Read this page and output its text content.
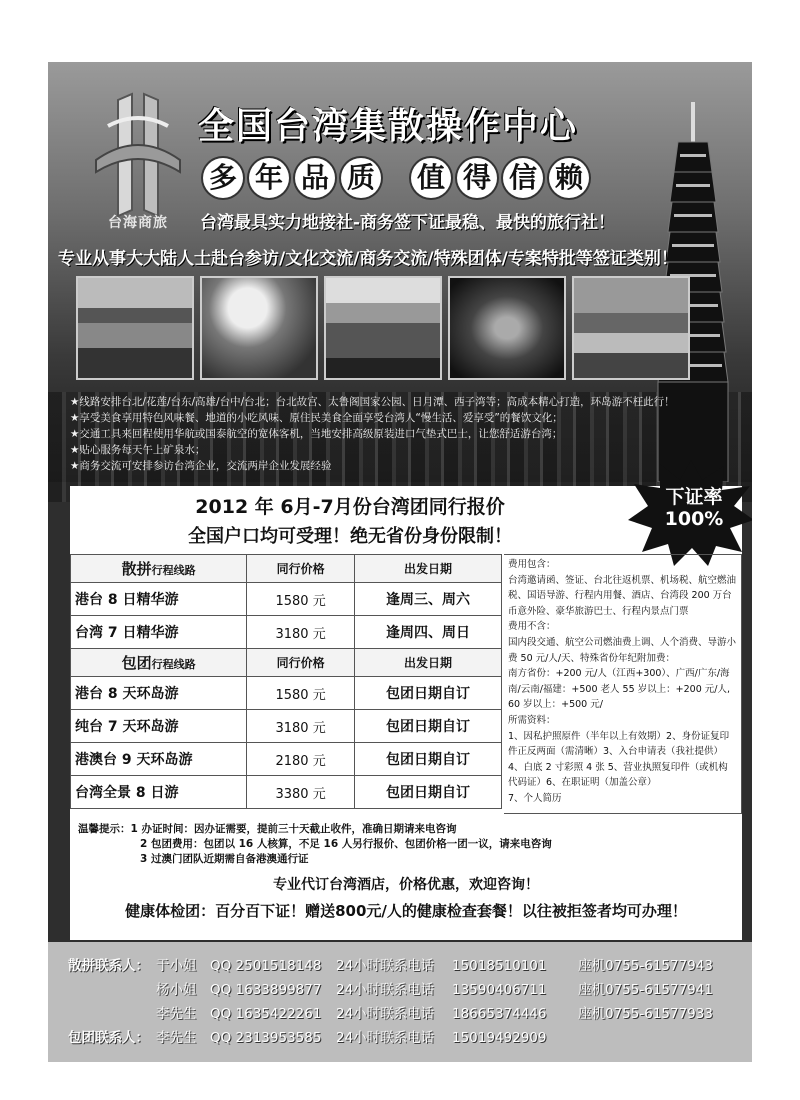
台海商旅
全国台湾集散操作中心
多 年 品 质 值 得 信 赖
台湾最具实力地接社-商务签下证最稳、最快的旅行社！
专业从事大大陆人士赴台参访/文化交流/商务交流/特殊团体/专案特批等签证类别！
★线路安排台北/花莲/台东/高雄/台中/台北；台北故宫、太鲁阁国家公园、日月潭、西子湾等；高成本精心打造，环岛游不枉此行！
★享受美食享用特色风味餐、地道的小吃风味、原住民美食全面享受台湾人“慢生活、爱享受”的餐饮文化；
★交通工具来回程使用华航或国泰航空的宽体客机，当地安排高级原装进口气垫式巴士，让您舒适游台湾；
★贴心服务每天午上矿泉水；
★商务交流可安排参访台湾企业，交流两岸企业发展经验
2012 年 6月-7月份台湾团同行报价
全国户口均可受理！绝无省份身份限制！
下证率
100%
散拼行程线路	同行价格	出发日期
港台 8 日精华游	1580 元	逢周三、周六
台湾 7 日精华游	3180 元	逢周四、周日
包团行程线路	同行价格	出发日期
港台 8 天环岛游	1580 元	包团日期自订
纯台 7 天环岛游	3180 元	包团日期自订
港澳台 9 天环岛游	2180 元	包团日期自订
台湾全景 8 日游	3380 元	包团日期自订
费用包含：
台湾邀请函、签证、台北往返机票、机场税、航空燃油税、国语导游、行程内用餐、酒店、台湾段 200 万台币意外险、豪华旅游巴士、行程内景点门票
费用不含：
国内段交通、航空公司燃油费上调、人个消费、导游小费 50 元/人/天、特殊省份年纪附加费：
南方省份：+200 元/人（江西+300）、广西/广东/海南/云南/福建：+500 老人 55 岁以上：+200 元/人, 60 岁以上：+500 元/
所需资料：
1、因私护照原件（半年以上有效期）2、身份证复印件正反两面（需清晰）3、入台申请表（我社提供）4、白底 2 寸彩照 4 张 5、营业执照复印件（或机构代码证）6、在职证明（加盖公章）
7、个人简历
温馨提示：1 办证时间：因办证需要，提前三十天截止收件，准确日期请来电咨询
2 包团费用：包团以 16 人核算，不足 16 人另行报价、包团价格一团一议，请来电咨询
3 过澳门团队近期需自备港澳通行证
专业代订台湾酒店，价格优惠，欢迎咨询！
健康体检团：百分百下证！赠送800元/人的健康检查套餐！以往被拒签者均可办理！
散拼联系人： 于小姐 QQ 2501518148 24小时联系电话 15018510101 座机0755-61577943
杨小姐 QQ 1633899877 24小时联系电话 13590406711 座机0755-61577941
李先生 QQ 1635422261 24小时联系电话 18665374446 座机0755-61577933
包团联系人： 李先生 QQ 2313953585 24小时联系电话 15019492909
